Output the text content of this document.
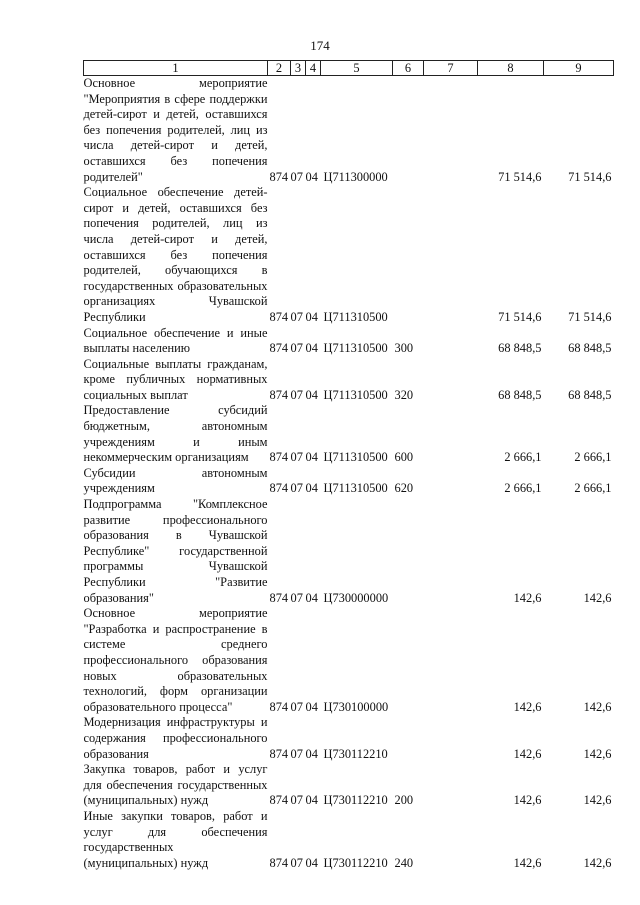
174
1	2	3	4	5	6	7	8	9
Основное мероприятие "Мероприятия в сфере поддержки детей-сирот и детей, оставшихся без попечения родителей, лиц из числа детей-сирот и детей, оставшихся без попечения родителей"	874	07	04	Ц711300000			71 514,6	71 514,6
Социальное обеспечение детей-сирот и детей, оставшихся без попечения родителей, лиц из числа детей-сирот и детей, оставшихся без попечения родителей, обучающихся в государственных образовательных организациях Чувашской Республики	874	07	04	Ц711310500			71 514,6	71 514,6
Социальное обеспечение и иные выплаты населению	874	07	04	Ц711310500	300		68 848,5	68 848,5
Социальные выплаты гражданам, кроме публичных нормативных социальных выплат	874	07	04	Ц711310500	320		68 848,5	68 848,5
Предоставление субсидий бюджетным, автономным учреждениям и иным некоммерческим организациям	874	07	04	Ц711310500	600		2 666,1	2 666,1
Субсидии автономным учреждениям	874	07	04	Ц711310500	620		2 666,1	2 666,1
Подпрограмма "Комплексное развитие профессионального образования в Чувашской Республике" государственной программы Чувашской Республики "Развитие образования"	874	07	04	Ц730000000			142,6	142,6
Основное мероприятие "Разработка и распространение в системе среднего профессионального образования новых образовательных технологий, форм организации образовательного процесса"	874	07	04	Ц730100000			142,6	142,6
Модернизация инфраструктуры и содержания профессионального образования	874	07	04	Ц730112210			142,6	142,6
Закупка товаров, работ и услуг для обеспечения государственных (муниципальных) нужд	874	07	04	Ц730112210	200		142,6	142,6
Иные закупки товаров, работ и услуг для обеспечения государственных (муниципальных) нужд	874	07	04	Ц730112210	240		142,6	142,6
